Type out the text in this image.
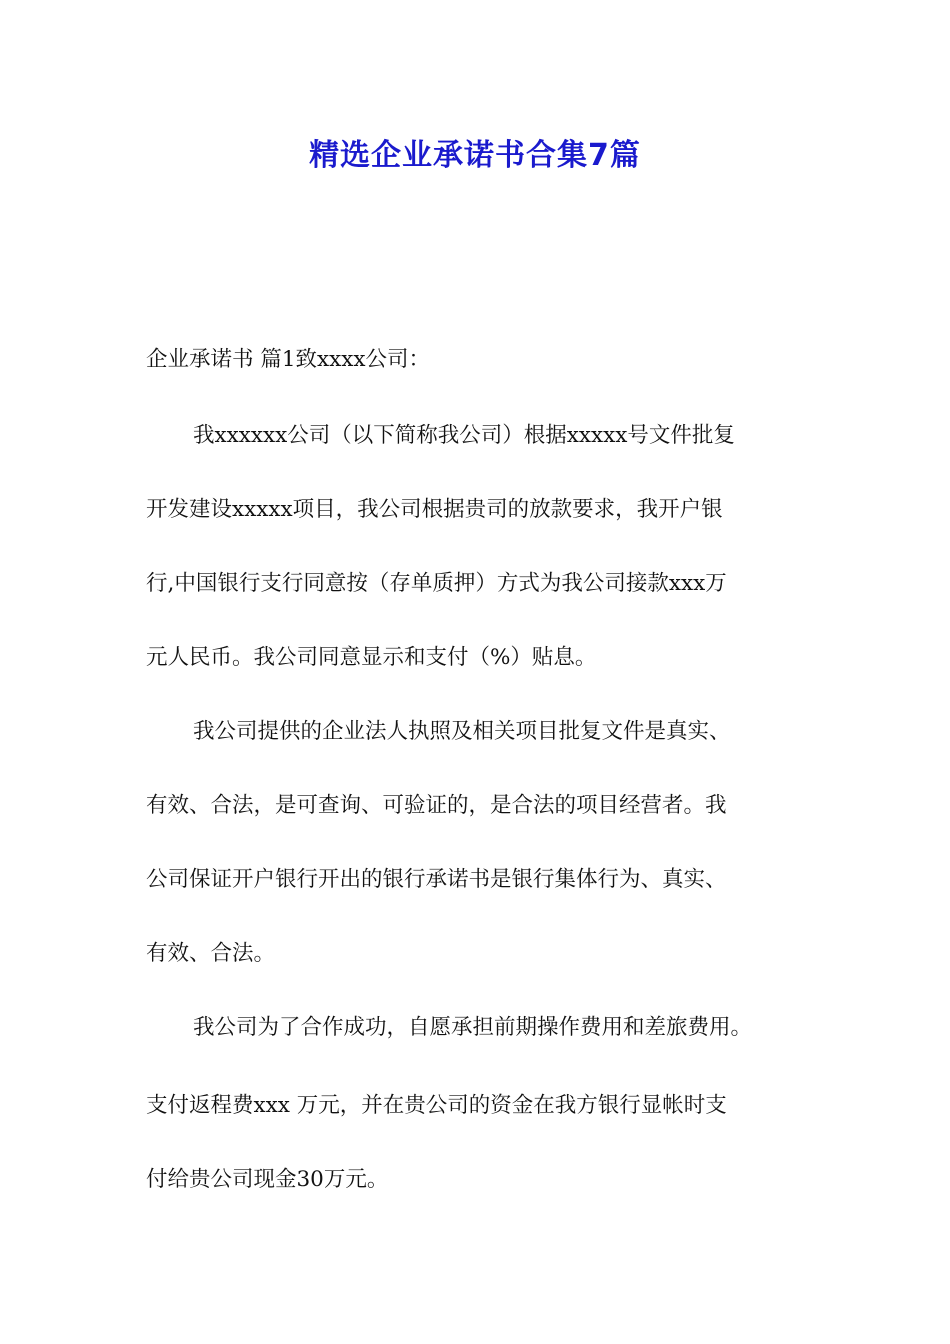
精选企业承诺书合集7篇

企业承诺书 篇1致xxxx公司：

我xxxxxx公司（以下简称我公司）根据xxxxx号文件批复

开发建设xxxxx项目，我公司根据贵司的放款要求，我开户银

行,中国银行支行同意按（存单质押）方式为我公司接款xxx万

元人民币。我公司同意显示和支付（%）贴息。

我公司提供的企业法人执照及相关项目批复文件是真实、

有效、合法，是可查询、可验证的，是合法的项目经营者。我

公司保证开户银行开出的银行承诺书是银行集体行为、真实、

有效、合法。

我公司为了合作成功，自愿承担前期操作费用和差旅费用。

支付返程费xxx 万元，并在贵公司的资金在我方银行显帐时支

付给贵公司现金30万元。
